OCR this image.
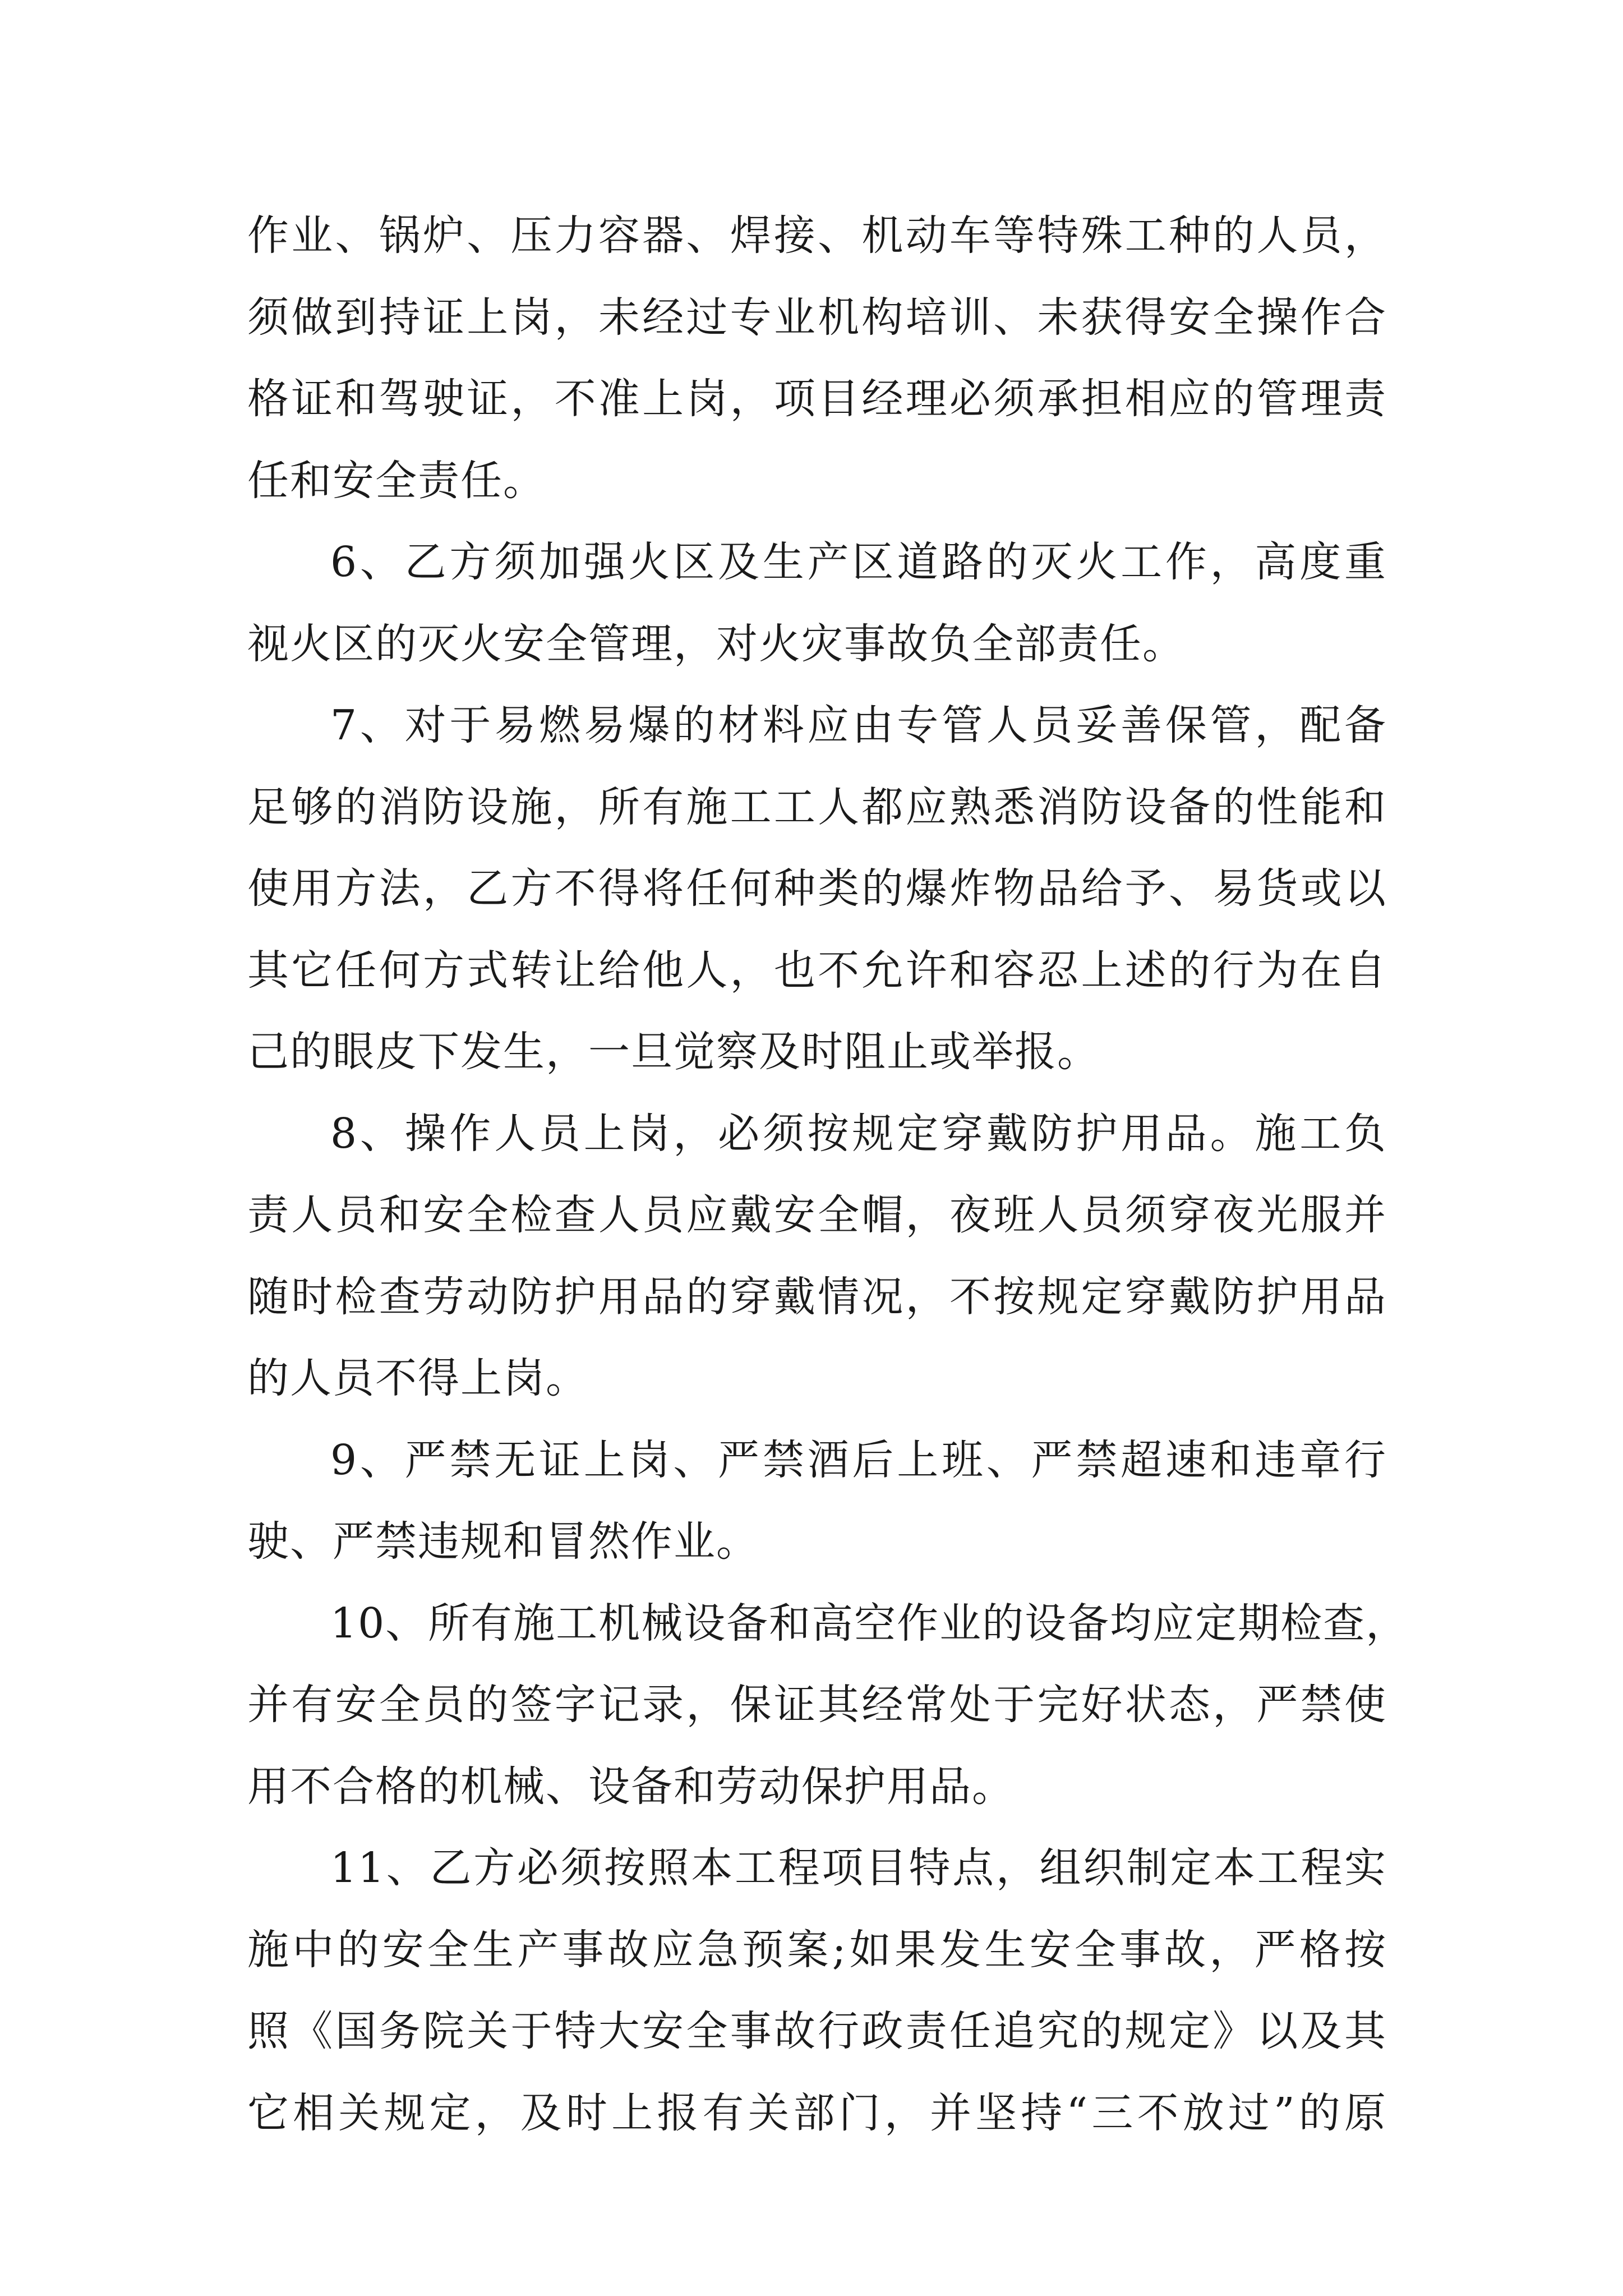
作业、锅炉、压力容器、焊接、机动车等特殊工种的人员，
须做到持证上岗，未经过专业机构培训、未获得安全操作合
格证和驾驶证，不准上岗，项目经理必须承担相应的管理责
任和安全责任。
6、乙方须加强火区及生产区道路的灭火工作，高度重
视火区的灭火安全管理，对火灾事故负全部责任。
7、对于易燃易爆的材料应由专管人员妥善保管，配备
足够的消防设施，所有施工工人都应熟悉消防设备的性能和
使用方法，乙方不得将任何种类的爆炸物品给予、易货或以
其它任何方式转让给他人，也不允许和容忍上述的行为在自
己的眼皮下发生，一旦觉察及时阻止或举报。
8、操作人员上岗，必须按规定穿戴防护用品。施工负
责人员和安全检查人员应戴安全帽，夜班人员须穿夜光服并
随时检查劳动防护用品的穿戴情况，不按规定穿戴防护用品
的人员不得上岗。
9、严禁无证上岗、严禁酒后上班、严禁超速和违章行
驶、严禁违规和冒然作业。
10、所有施工机械设备和高空作业的设备均应定期检查，
并有安全员的签字记录，保证其经常处于完好状态，严禁使
用不合格的机械、设备和劳动保护用品。
11、乙方必须按照本工程项目特点，组织制定本工程实
施中的安全生产事故应急预案;如果发生安全事故，严格按
照《国务院关于特大安全事故行政责任追究的规定》以及其
它相关规定，及时上报有关部门，并坚持“三不放过”的原
